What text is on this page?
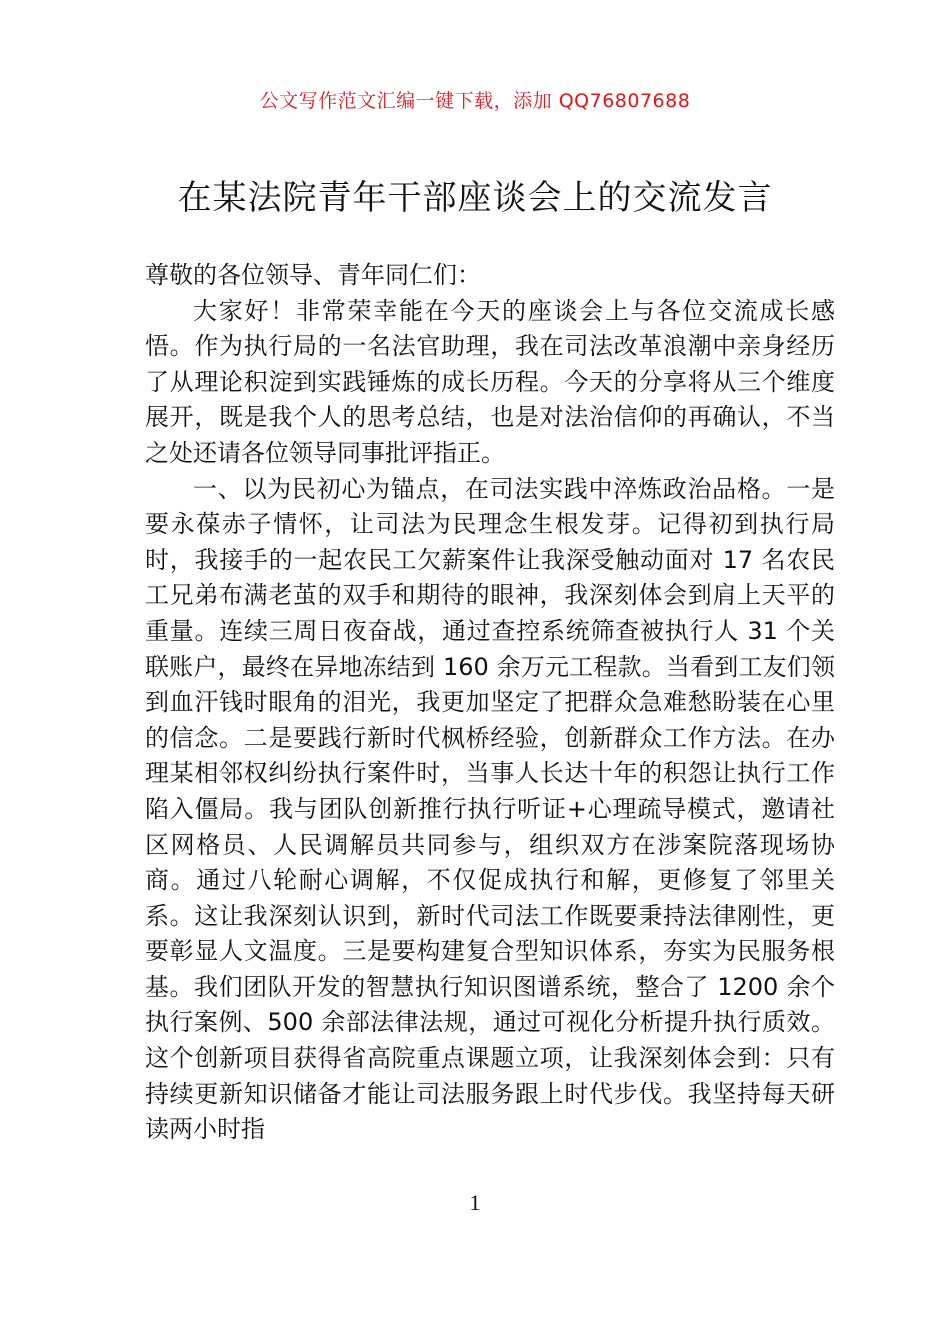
公文写作范文汇编一键下载，添加 QQ76807688
在某法院青年干部座谈会上的交流发言

尊敬的各位领导、青年同仁们：

大家好！非常荣幸能在今天的座谈会上与各位交流成长感悟。作为执行局的一名法官助理，我在司法改革浪潮中亲身经历了从理论积淀到实践锤炼的成长历程。今天的分享将从三个维度展开，既是我个人的思考总结，也是对法治信仰的再确认，不当之处还请各位领导同事批评指正。

一、以为民初心为锚点，在司法实践中淬炼政治品格。一是要永葆赤子情怀，让司法为民理念生根发芽。记得初到执行局时，我接手的一起农民工欠薪案件让我深受触动面对 17 名农民工兄弟布满老茧的双手和期待的眼神，我深刻体会到肩上天平的重量。连续三周日夜奋战，通过查控系统筛查被执行人 31 个关联账户，最终在异地冻结到 160 余万元工程款。当看到工友们领到血汗钱时眼角的泪光，我更加坚定了把群众急难愁盼装在心里的信念。二是要践行新时代枫桥经验，创新群众工作方法。在办理某相邻权纠纷执行案件时，当事人长达十年的积怨让执行工作陷入僵局。我与团队创新推行执行听证+心理疏导模式，邀请社区网格员、人民调解员共同参与，组织双方在涉案院落现场协商。通过八轮耐心调解，不仅促成执行和解，更修复了邻里关系。这让我深刻认识到，新时代司法工作既要秉持法律刚性，更要彰显人文温度。三是要构建复合型知识体系，夯实为民服务根基。我们团队开发的智慧执行知识图谱系统，整合了 1200 余个执行案例、500 余部法律法规，通过可视化分析提升执行质效。这个创新项目获得省高院重点课题立项，让我深刻体会到：只有持续更新知识储备才能让司法服务跟上时代步伐。我坚持每天研读两小时指

1
